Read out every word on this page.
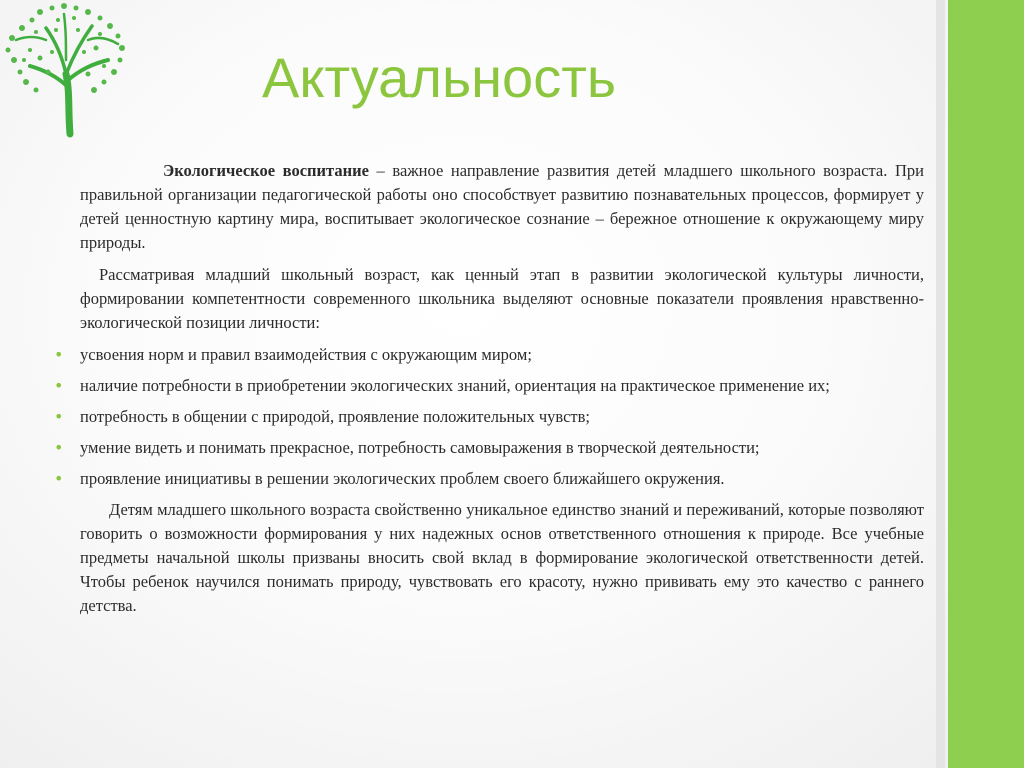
Актуальность

Экологическое воспитание – важное направление развития детей младшего школьного возраста. При правильной организации педагогической работы оно способствует развитию познавательных процессов, формирует у детей ценностную картину мира, воспитывает экологическое сознание – бережное отношение к окружающему миру природы.

Рассматривая младший школьный возраст, как ценный этап в развитии экологической культуры личности, формировании компетентности современного школьника выделяют основные показатели проявления нравственно-экологической позиции личности:

• усвоения норм и правил взаимодействия с окружающим миром;
• наличие потребности в приобретении экологических знаний, ориентация на практическое применение их;
• потребность в общении с природой, проявление положительных чувств;
• умение видеть и понимать прекрасное, потребность самовыражения в творческой деятельности;
• проявление инициативы в решении экологических проблем своего ближайшего окружения.

Детям младшего школьного возраста свойственно уникальное единство знаний и переживаний, которые позволяют говорить о возможности формирования у них надежных основ ответственного отношения к природе. Все учебные предметы начальной школы призваны вносить свой вклад в формирование экологической ответственности детей. Чтобы ребенок научился понимать природу, чувствовать его красоту, нужно прививать ему это качество с раннего детства.
